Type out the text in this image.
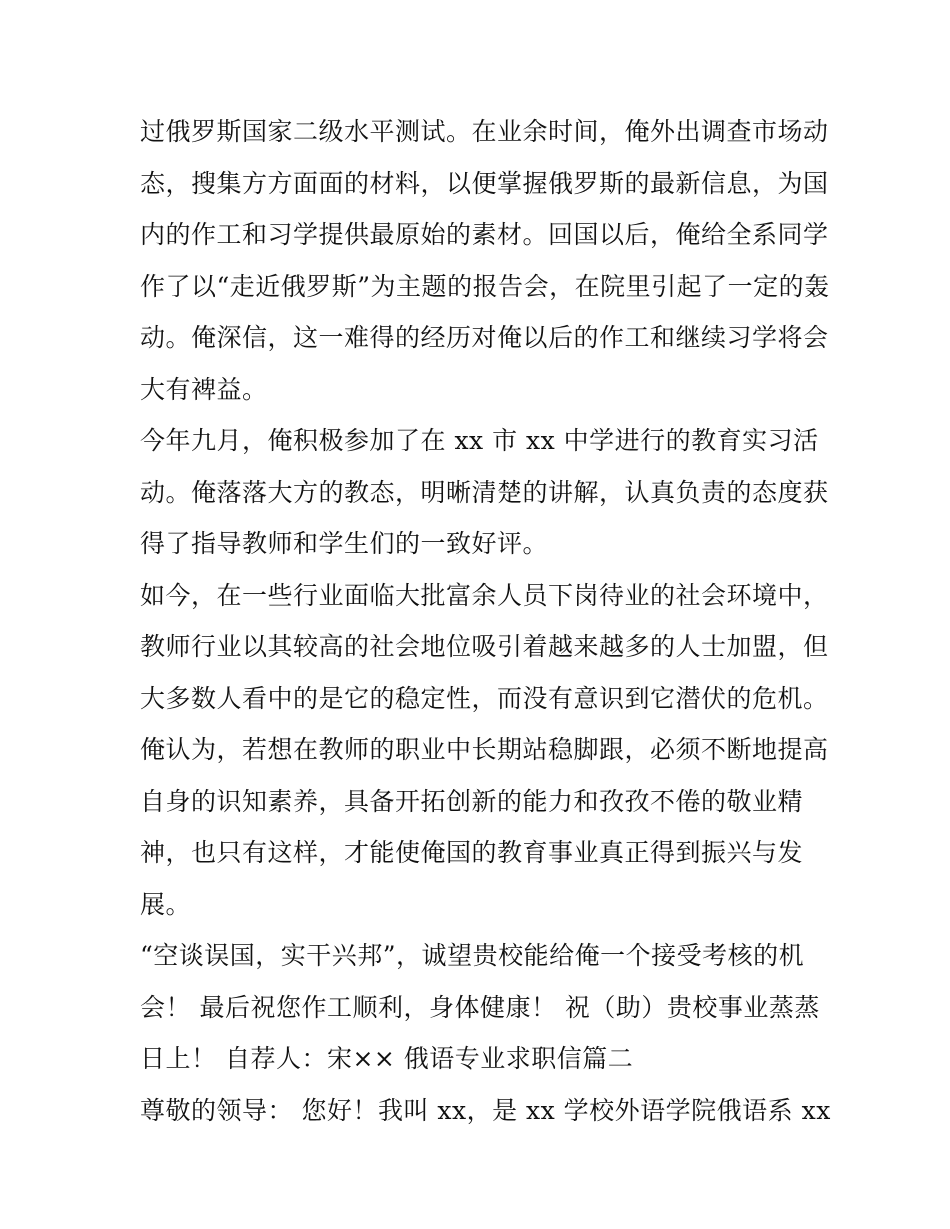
过俄罗斯国家二级水平测试。在业余时间，俺外出调查市场动
态，搜集方方面面的材料，以便掌握俄罗斯的最新信息，为国
内的作工和习学提供最原始的素材。回国以后，俺给全系同学
作了以“走近俄罗斯”为主题的报告会，在院里引起了一定的轰
动。俺深信，这一难得的经历对俺以后的作工和继续习学将会
大有裨益。
今年九月，俺积极参加了在 xx 市 xx 中学进行的教育实习活
动。俺落落大方的教态，明晰清楚的讲解，认真负责的态度获
得了指导教师和学生们的一致好评。
如今，在一些行业面临大批富余人员下岗待业的社会环境中，
教师行业以其较高的社会地位吸引着越来越多的人士加盟，但
大多数人看中的是它的稳定性，而没有意识到它潜伏的危机。
俺认为，若想在教师的职业中长期站稳脚跟，必须不断地提高
自身的识知素养，具备开拓创新的能力和孜孜不倦的敬业精
神，也只有这样，才能使俺国的教育事业真正得到振兴与发
展。
“空谈误国，实干兴邦”，诚望贵校能给俺一个接受考核的机
会！ 最后祝您作工顺利，身体健康！ 祝（助）贵校事业蒸蒸
日上！ 自荐人：宋×× 俄语专业求职信篇二
尊敬的领导： 您好！我叫 xx，是 xx 学校外语学院俄语系 xx
